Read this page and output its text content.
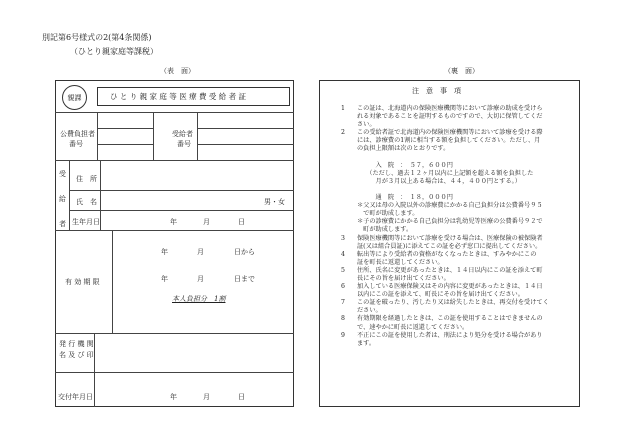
別記第6号様式の2(第4条関係)
（ひとり親家庭等課税）
（表　面）	（裏　面）
親課	ひ と り 親 家 庭 等 医 療 費 受 給 者 証
公費負担者
番号
受給者
番号
受
給
者
住　所
氏　名	男・女
生年月日	年	月	日
有 効 期 限
年	月	日から
年	月	日まで
本人負担分　1割
発 行 機 関
名 及 び 印
交付年月日	年	月	日
注　意　事　項
1 この証は、北海道内の保険医療機関等において診療の助成を受けら
れる対象であることを証明するものですので、大切に保管してくだ
さい。
2 この受給者証で北海道内の保険医療機関等において診療を受ける際
には、診療費の1割に相当する額を負担してください。ただし、月
の負担上限額は次のとおりです。
　　　入　院　：　５７，６００円
　　（ただし、過去１２ヶ月以内に上記額を超える額を負担した
　　　月が３月以上ある場合は、４４，４００円とする。）
　　　通　院　：　１８，０００円
＊父又は母の入院以外の診療費にかかる自己負担分は公費番号９５
　で町が助成します。
＊子の診療費にかかる自己負担分は乳幼児等医療の公費番号９２で
　町が助成します。
3 保険医療機関等において診療を受ける場合は、医療保険の被保険者
証(又は組合員証)に添えてこの証を必ず窓口に提出してください。
4 転出等により受給者の資格がなくなったときは、すみやかにこの
証を町長に返還してください。
5 住所、氏名に変更があったときは、１４日以内にこの証を添えて町
長にその旨を届け出てください。
6 加入している医療保険又はその内容に変更があったときは、１４日
以内にこの証を添えて、町長にその旨を届け出てください。
7 この証を破ったり、汚したり又は紛失したときは、再交付を受けてく
ださい。
8 有効期限を経過したときは、この証を使用することはできませんの
で、速やかに町長に返還してください。
9 不正にこの証を使用した者は、刑法により処分を受ける場合があり
ます。
